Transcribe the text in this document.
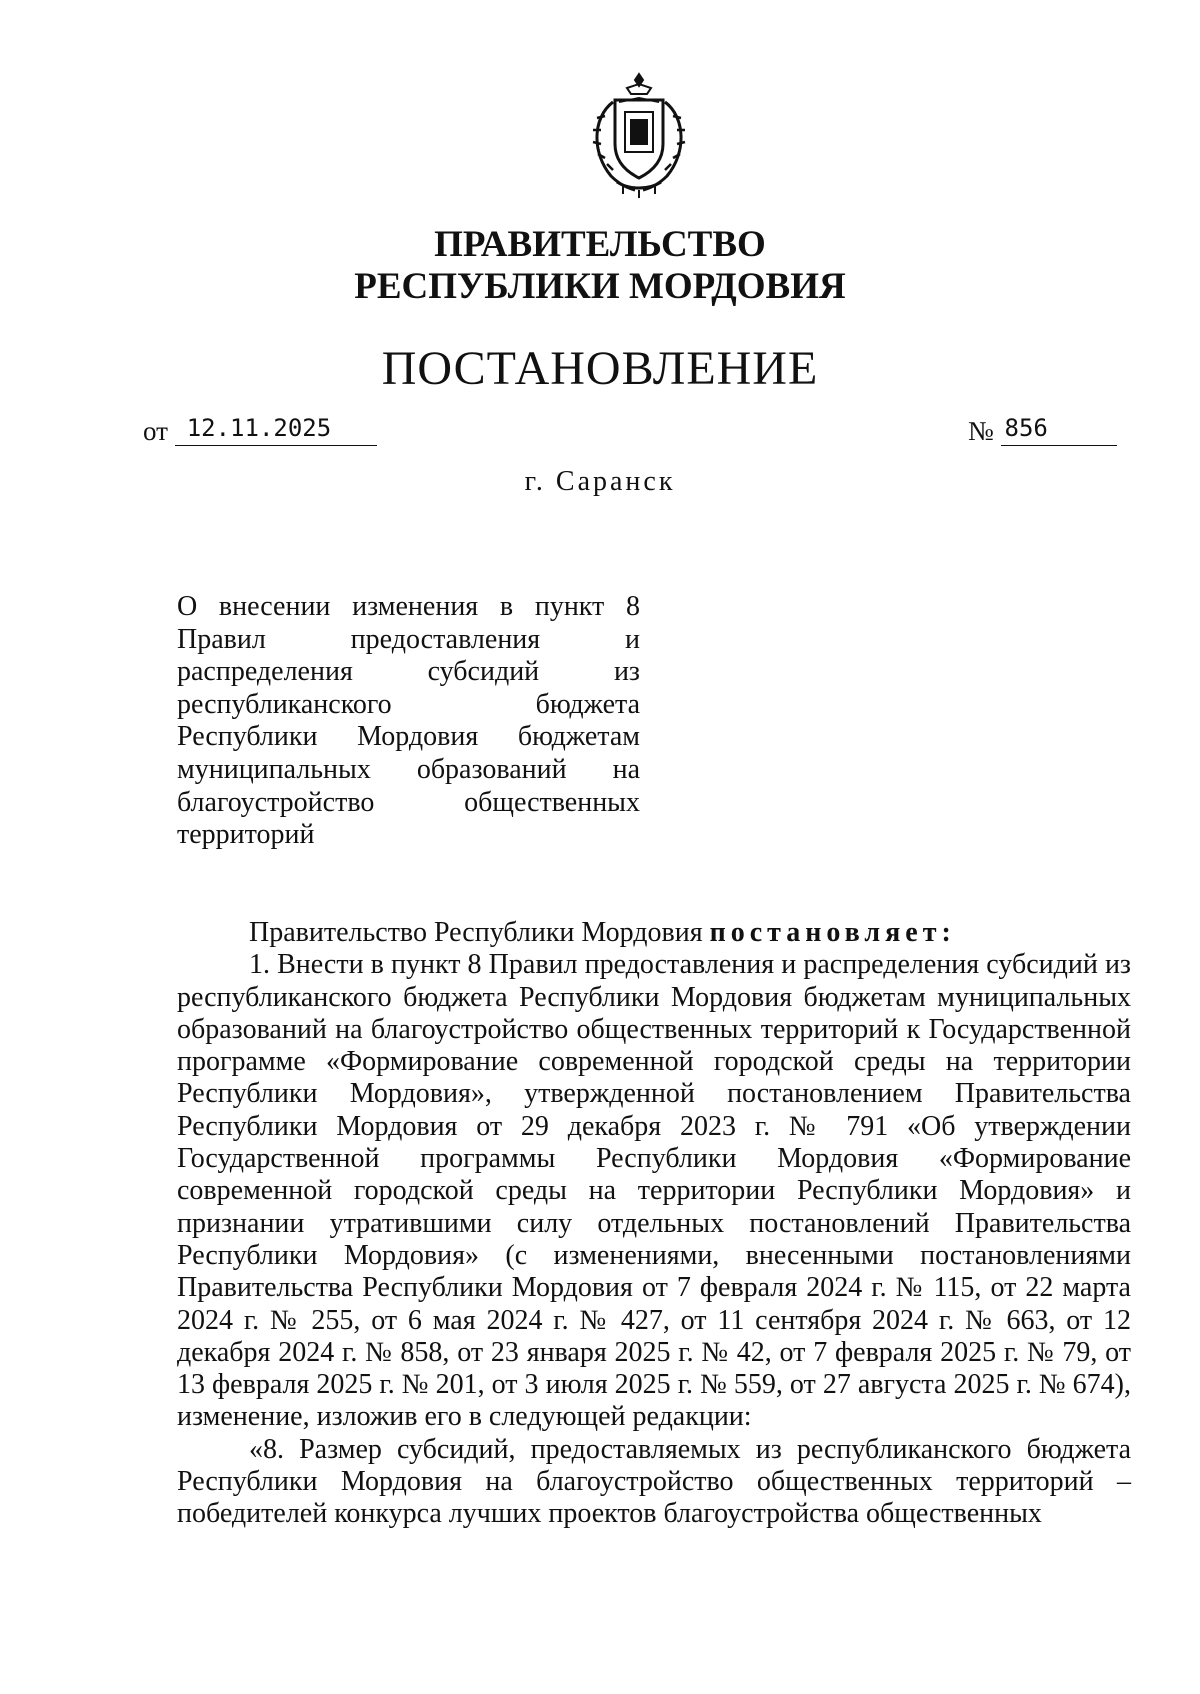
ПРАВИТЕЛЬСТВО
РЕСПУБЛИКИ МОРДОВИЯ
ПОСТАНОВЛЕНИЕ
от 12.11.2025	№ 856
г. Саранск
О внесении изменения в пункт 8
Правил предоставления и
распределения субсидий из
республиканского бюджета
Республики Мордовия бюджетам
муниципальных образований на
благоустройство общественных
территорий

Правительство Республики Мордовия постановляет:

1. Внести в пункт 8 Правил предоставления и распределения субсидий из республиканского бюджета Республики Мордовия бюджетам муниципальных образований на благоустройство общественных территорий к Государственной программе «Формирование современной городской среды на территории Республики Мордовия», утвержденной постановлением Правительства Республики Мордовия от 29 декабря 2023 г. № 791 «Об утверждении Государственной программы Республики Мордовия «Формирование современной городской среды на территории Республики Мордовия» и признании утратившими силу отдельных постановлений Правительства Республики Мордовия» (с изменениями, внесенными постановлениями Правительства Республики Мордовия от 7 февраля 2024 г. № 115, от 22 марта 2024 г. № 255, от 6 мая 2024 г. № 427, от 11 сентября 2024 г. № 663, от 12 декабря 2024 г. № 858, от 23 января 2025 г. № 42, от 7 февраля 2025 г. № 79, от 13 февраля 2025 г. № 201, от 3 июля 2025 г. № 559, от 27 августа 2025 г. № 674), изменение, изложив его в следующей редакции:

«8. Размер субсидий, предоставляемых из республиканского бюджета Республики Мордовия на благоустройство общественных территорий – победителей конкурса лучших проектов благоустройства общественных
